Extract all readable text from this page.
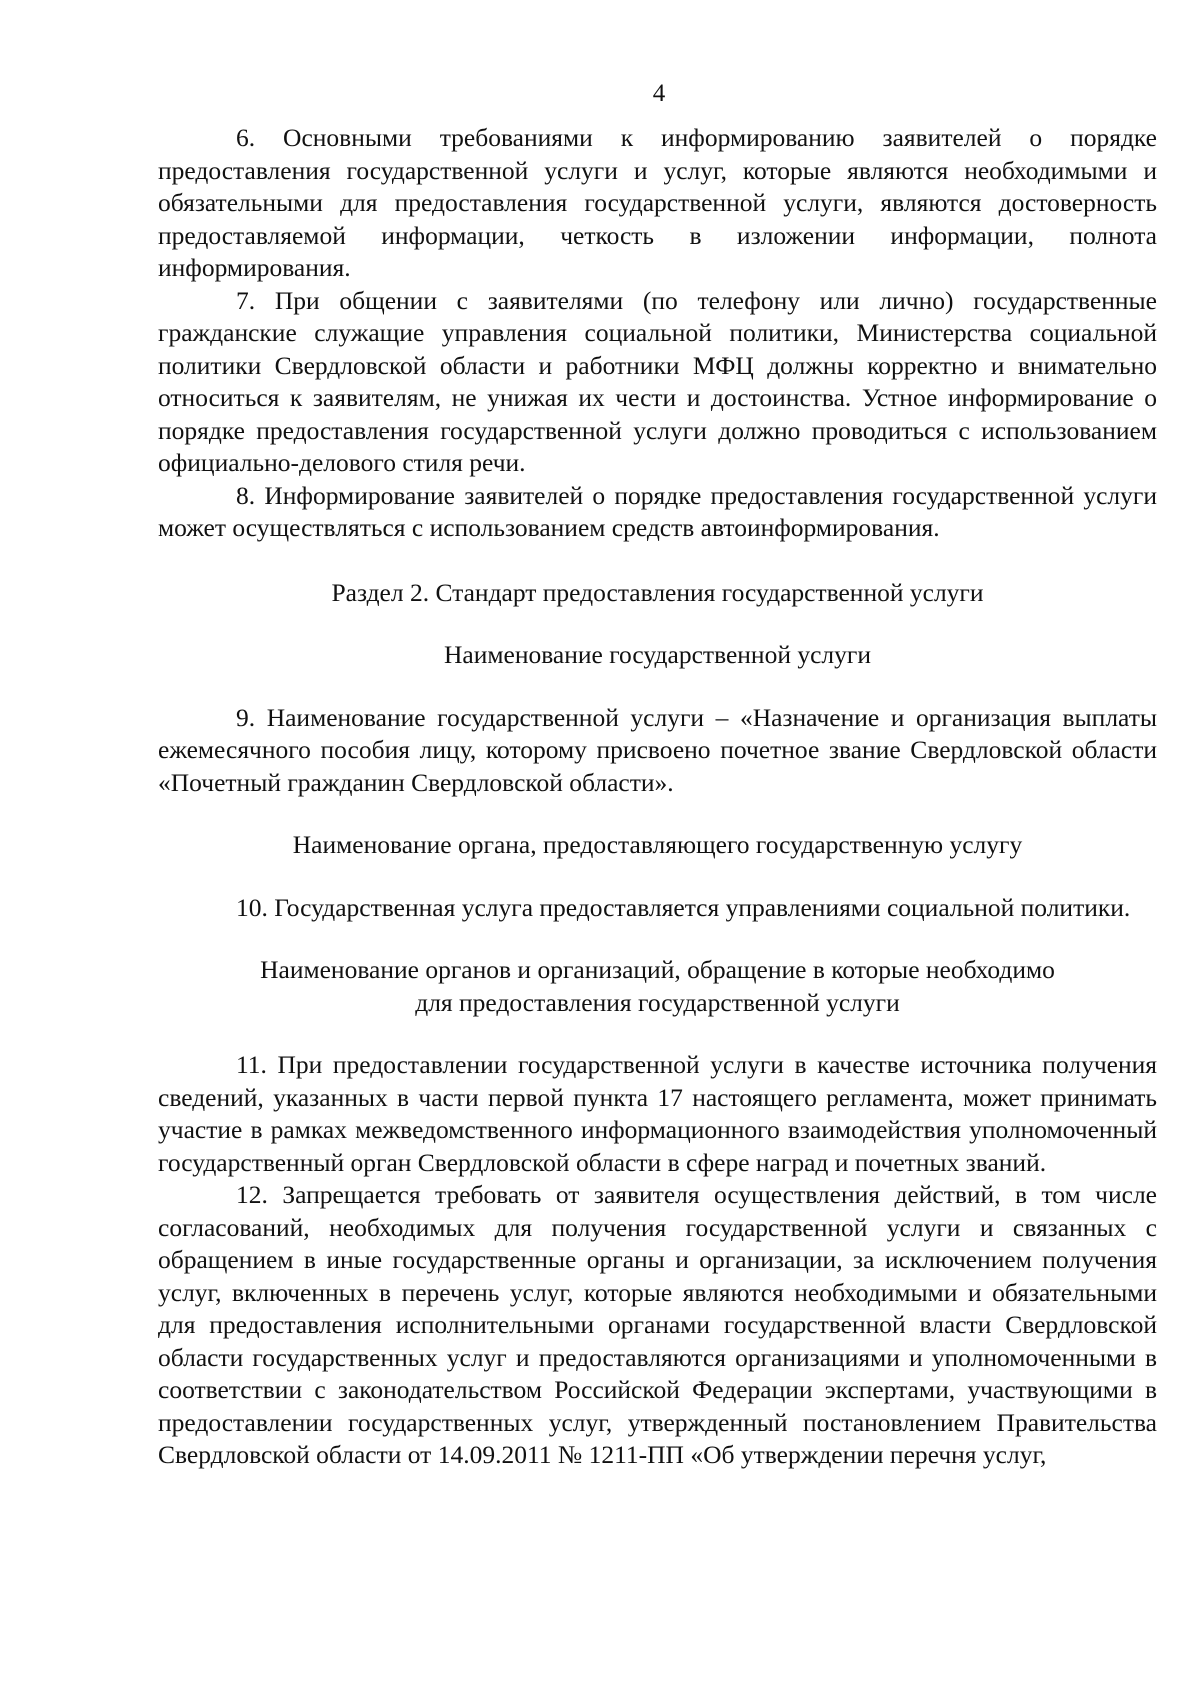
4

6. Основными требованиями к информированию заявителей о порядке предоставления государственной услуги и услуг, которые являются необходимыми и обязательными для предоставления государственной услуги, являются достоверность предоставляемой информации, четкость в изложении информации, полнота информирования.

7. При общении с заявителями (по телефону или лично) государственные гражданские служащие управления социальной политики, Министерства социальной политики Свердловской области и работники МФЦ должны корректно и внимательно относиться к заявителям, не унижая их чести и достоинства. Устное информирование о порядке предоставления государственной услуги должно проводиться с использованием официально-делового стиля речи.

8. Информирование заявителей о порядке предоставления государственной услуги может осуществляться с использованием средств автоинформирования.

Раздел 2. Стандарт предоставления государственной услуги

Наименование государственной услуги

9. Наименование государственной услуги – «Назначение и организация выплаты ежемесячного пособия лицу, которому присвоено почетное звание Свердловской области «Почетный гражданин Свердловской области».

Наименование органа, предоставляющего государственную услугу

10. Государственная услуга предоставляется управлениями социальной политики.

Наименование органов и организаций, обращение в которые необходимо

для предоставления государственной услуги

11. При предоставлении государственной услуги в качестве источника получения сведений, указанных в части первой пункта 17 настоящего регламента, может принимать участие в рамках межведомственного информационного взаимодействия уполномоченный государственный орган Свердловской области в сфере наград и почетных званий.

12. Запрещается требовать от заявителя осуществления действий, в том числе согласований, необходимых для получения государственной услуги и связанных с обращением в иные государственные органы и организации, за исключением получения услуг, включенных в перечень услуг, которые являются необходимыми и обязательными для предоставления исполнительными органами государственной власти Свердловской области государственных услуг и предоставляются организациями и уполномоченными в соответствии с законодательством Российской Федерации экспертами, участвующими в предоставлении государственных услуг, утвержденный постановлением Правительства Свердловской области от 14.09.2011 № 1211-ПП «Об утверждении перечня услуг,
